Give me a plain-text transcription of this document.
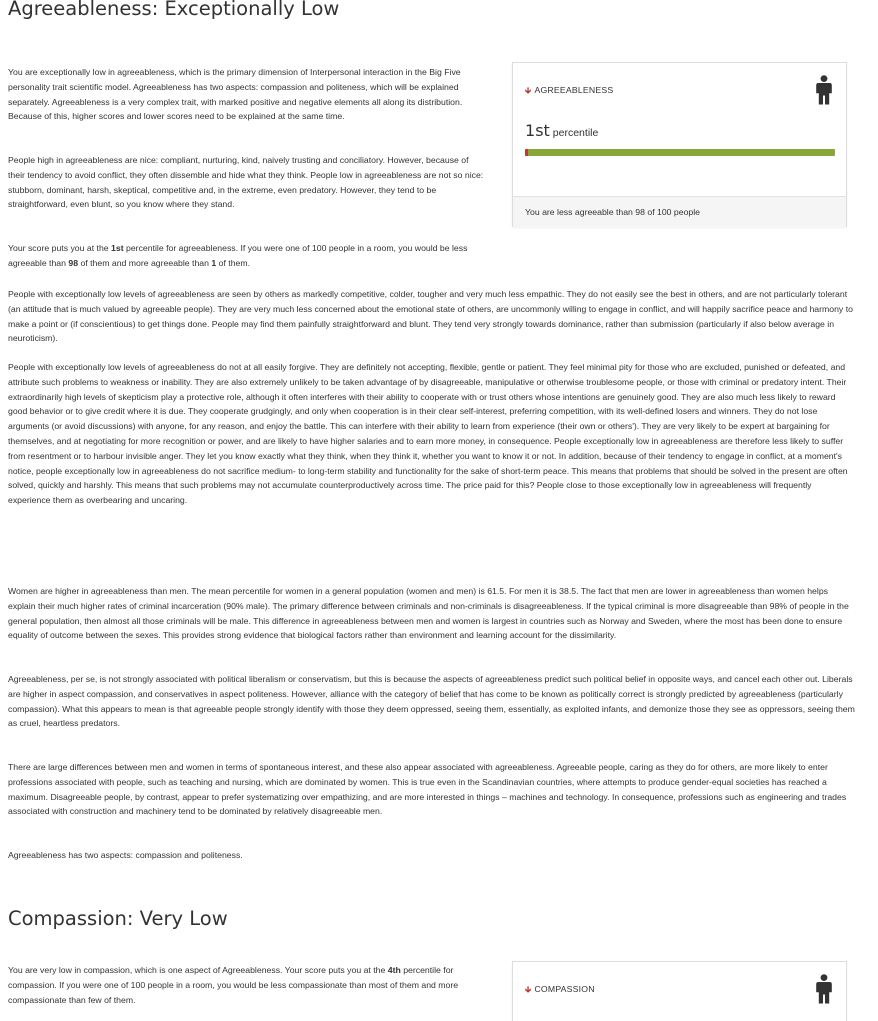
Agreeableness: Exceptionally Low

You are exceptionally low in agreeableness, which is the primary dimension of Interpersonal interaction in the Big Five personality trait scientific model. Agreeableness has two aspects: compassion and politeness, which will be explained separately. Agreeableness is a very complex trait, with marked positive and negative elements all along its distribution. Because of this, higher scores and lower scores need to be explained at the same time.

People high in agreeableness are nice: compliant, nurturing, kind, naively trusting and conciliatory. However, because of their tendency to avoid conflict, they often dissemble and hide what they think. People low in agreeableness are not so nice: stubborn, dominant, harsh, skeptical, competitive and, in the extreme, even predatory. However, they tend to be straightforward, even blunt, so you know where they stand.

Your score puts you at the 1st percentile for agreeableness. If you were one of 100 people in a room, you would be less agreeable than 98 of them and more agreeable than 1 of them.

🡳 AGREEABLENESS
1st percentile
You are less agreeable than 98 of 100 people

People with exceptionally low levels of agreeableness are seen by others as markedly competitive, colder, tougher and very much less empathic. They do not easily see the best in others, and are not particularly tolerant (an attitude that is much valued by agreeable people). They are very much less concerned about the emotional state of others, are uncommonly willing to engage in conflict, and will happily sacrifice peace and harmony to make a point or (if conscientious) to get things done. People may find them painfully straightforward and blunt. They tend very strongly towards dominance, rather than submission (particularly if also below average in neuroticism).

People with exceptionally low levels of agreeableness do not at all easily forgive. They are definitely not accepting, flexible, gentle or patient. They feel minimal pity for those who are excluded, punished or defeated, and attribute such problems to weakness or inability. They are also extremely unlikely to be taken advantage of by disagreeable, manipulative or otherwise troublesome people, or those with criminal or predatory intent. Their extraordinarily high levels of skepticism play a protective role, although it often interferes with their ability to cooperate with or trust others whose intentions are genuinely good. They are also much less likely to reward good behavior or to give credit where it is due. They cooperate grudgingly, and only when cooperation is in their clear self-interest, preferring competition, with its well-defined losers and winners. They do not lose arguments (or avoid discussions) with anyone, for any reason, and enjoy the battle. This can interfere with their ability to learn from experience (their own or others'). They are very likely to be expert at bargaining for themselves, and at negotiating for more recognition or power, and are likely to have higher salaries and to earn more money, in consequence. People exceptionally low in agreeableness are therefore less likely to suffer from resentment or to harbour invisible anger. They let you know exactly what they think, when they think it, whether you want to know it or not. In addition, because of their tendency to engage in conflict, at a moment's notice, people exceptionally low in agreeableness do not sacrifice medium- to long-term stability and functionality for the sake of short-term peace. This means that problems that should be solved in the present are often solved, quickly and harshly. This means that such problems may not accumulate counterproductively across time. The price paid for this? People close to those exceptionally low in agreeableness will frequently experience them as overbearing and uncaring.

Women are higher in agreeableness than men. The mean percentile for women in a general population (women and men) is 61.5. For men it is 38.5. The fact that men are lower in agreeableness than women helps explain their much higher rates of criminal incarceration (90% male). The primary difference between criminals and non-criminals is disagreeableness. If the typical criminal is more disagreeable than 98% of people in the general population, then almost all those criminals will be male. This difference in agreeableness between men and women is largest in countries such as Norway and Sweden, where the most has been done to ensure equality of outcome between the sexes. This provides strong evidence that biological factors rather than environment and learning account for the dissimilarity.

Agreeableness, per se, is not strongly associated with political liberalism or conservatism, but this is because the aspects of agreeableness predict such political belief in opposite ways, and cancel each other out. Liberals are higher in aspect compassion, and conservatives in aspect politeness. However, alliance with the category of belief that has come to be known as politically correct is strongly predicted by agreeableness (particularly compassion). What this appears to mean is that agreeable people strongly identify with those they deem oppressed, seeing them, essentially, as exploited infants, and demonize those they see as oppressors, seeing them as cruel, heartless predators.

There are large differences between men and women in terms of spontaneous interest, and these also appear associated with agreeableness. Agreeable people, caring as they do for others, are more likely to enter professions associated with people, such as teaching and nursing, which are dominated by women. This is true even in the Scandinavian countries, where attempts to produce gender-equal societies has reached a maximum. Disagreeable people, by contrast, appear to prefer systematizing over empathizing, and are more interested in things – machines and technology. In consequence, professions such as engineering and trades associated with construction and machinery tend to be dominated by relatively disagreeable men.

Agreeableness has two aspects: compassion and politeness.

Compassion: Very Low

You are very low in compassion, which is one aspect of Agreeableness. Your score puts you at the 4th percentile for compassion. If you were one of 100 people in a room, you would be less compassionate than most of them and more compassionate than few of them.

🡳 COMPASSION
